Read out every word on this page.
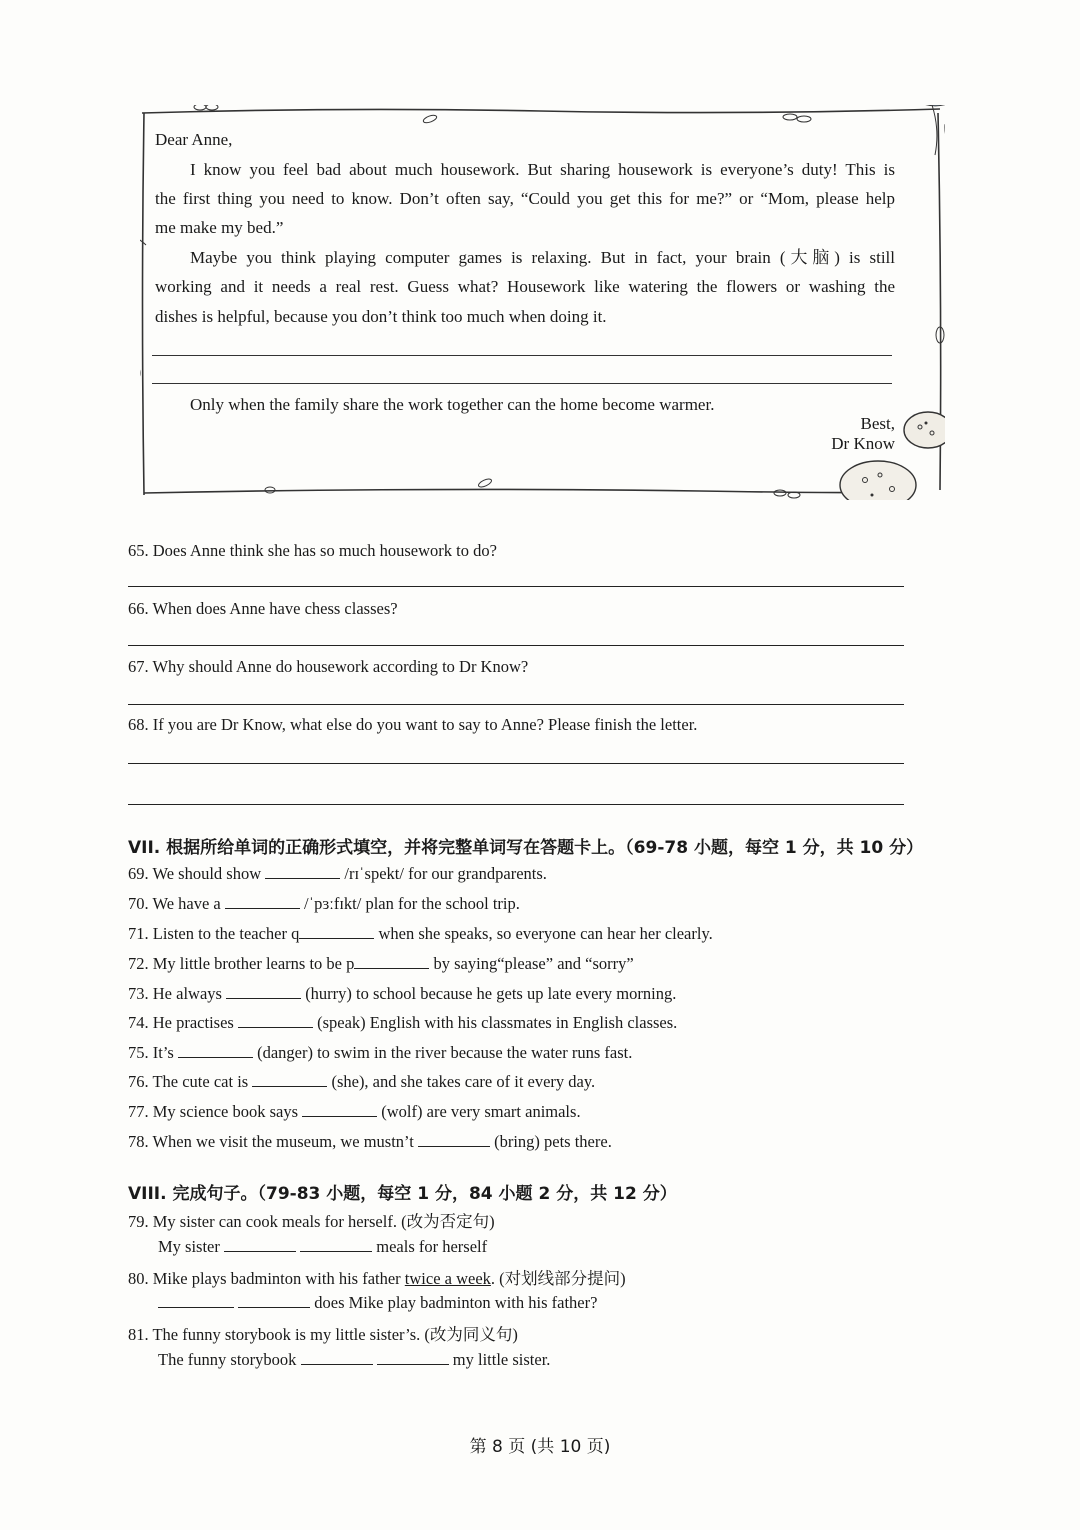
Dear Anne,
I know you feel bad about much housework. But sharing housework is everyone’s duty! This is
the first thing you need to know. Don’t often say, “Could you get this for me?” or “Mom, please help
me make my bed.”
Maybe you think playing computer games is relaxing. But in fact, your brain (大脑) is still
working and it needs a real rest. Guess what? Housework like watering the flowers or washing the
dishes is helpful, because you don’t think too much when doing it.
Only when the family share the work together can the home become warmer.
Best,
Dr Know
65. Does Anne think she has so much housework to do?
66. When does Anne have chess classes?
67. Why should Anne do housework according to Dr Know?
68. If you are Dr Know, what else do you want to say to Anne? Please finish the letter.
VII. 根据所给单词的正确形式填空，并将完整单词写在答题卡上。（69-78 小题，每空 1 分，共 10 分）
69. We should show	/rɪˈspekt/ for our grandparents.
70. We have a	/ˈpɜːfɪkt/ plan for the school trip.
71. Listen to the teacher q	when she speaks, so everyone can hear her clearly.
72. My little brother learns to be p	by saying“please” and “sorry”
73. He always	(hurry) to school because he gets up late every morning.
74. He practises	(speak) English with his classmates in English classes.
75. It’s	(danger) to swim in the river because the water runs fast.
76. The cute cat is	(she), and she takes care of it every day.
77. My science book says	(wolf) are very smart animals.
78. When we visit the museum, we mustn’t	(bring) pets there.
VIII. 完成句子。（79-83 小题，每空 1 分，84 小题 2 分，共 12 分）
79. My sister can cook meals for herself. (改为否定句)
My sister	meals for herself
80. Mike plays badminton with his father twice a week. (对划线部分提问)
does Mike play badminton with his father?
81. The funny storybook is my little sister’s. (改为同义句)
The funny storybook	my little sister.
第 8 页 (共 10 页)
